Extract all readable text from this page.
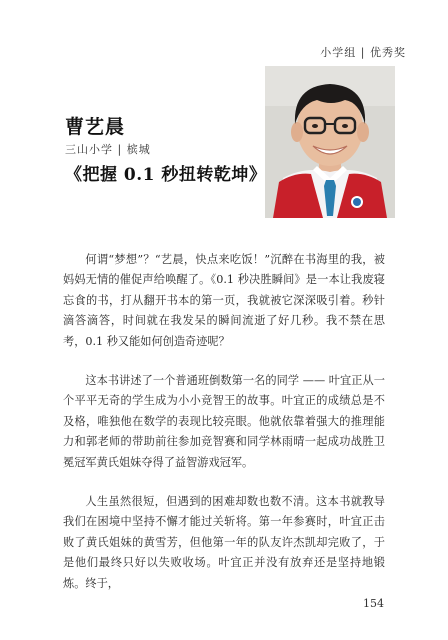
小学组 | 优秀奖
曹艺晨
三山小学 | 槟城
《把握 0.1 秒扭转乾坤》

何谓“梦想”？“艺晨，快点来吃饭！”沉醉在书海里的我，被妈妈无情的催促声给唤醒了。《0.1 秒决胜瞬间》是一本让我废寝忘食的书，打从翻开书本的第一页，我就被它深深吸引着。秒针滴答滴答，时间就在我发呆的瞬间流逝了好几秒。我不禁在思考，0.1 秒又能如何创造奇迹呢？

这本书讲述了一个普通班倒数第一名的同学 —— 叶宜正从一个平平无奇的学生成为小小竞智王的故事。叶宜正的成绩总是不及格，唯独他在数学的表现比较亮眼。他就依靠着强大的推理能力和郭老师的带助前往参加竞智赛和同学林雨晴一起成功战胜卫冕冠军黄氏姐妹夺得了益智游戏冠军。

人生虽然很短，但遇到的困难却数也数不清。这本书就教导我们在困境中坚持不懈才能过关斩将。第一年参赛时，叶宜正击败了黄氏姐妹的黄雪芳，但他第一年的队友许杰凯却完败了，于是他们最终只好以失败收场。叶宜正并没有放弃还是坚持地锻炼。终于，

154
